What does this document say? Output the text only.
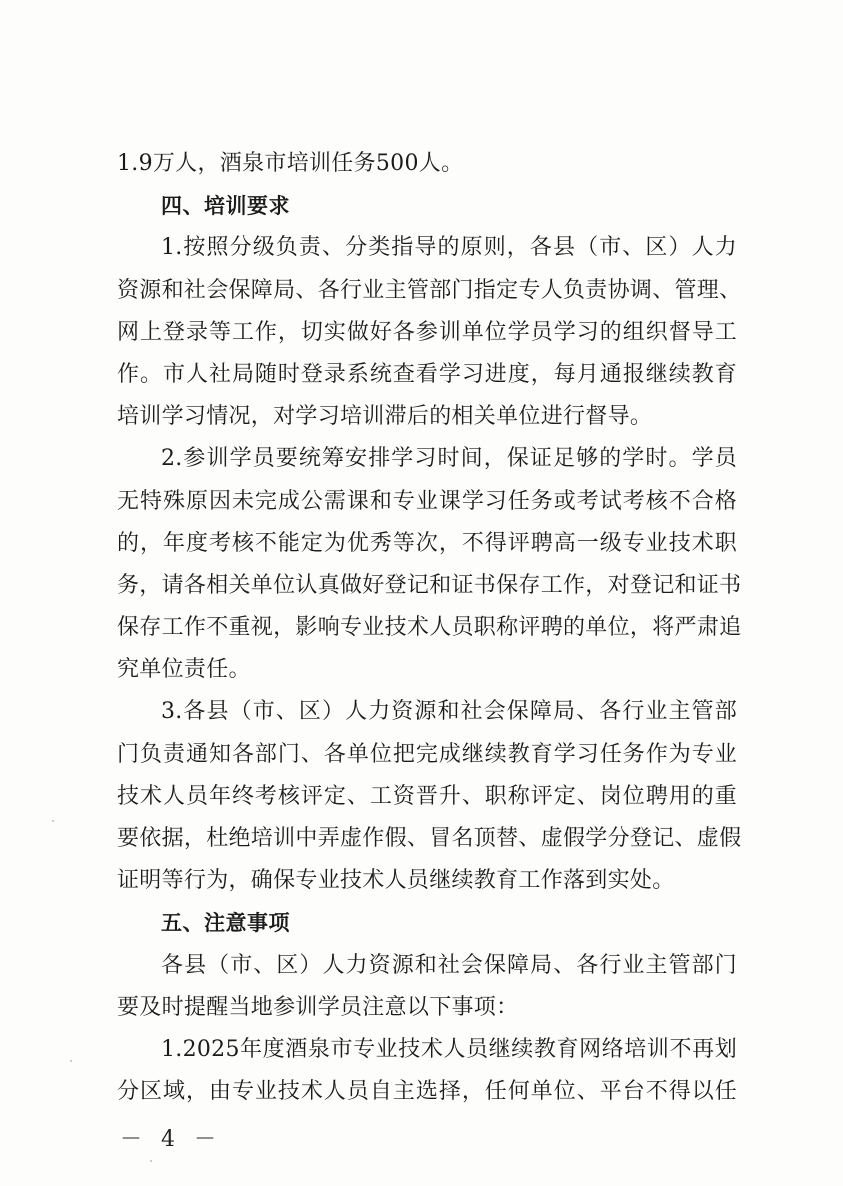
1.9万人，酒泉市培训任务500人。
四、培训要求
1.按照分级负责、分类指导的原则，各县（市、区）人力
资源和社会保障局、各行业主管部门指定专人负责协调、管理、
网上登录等工作，切实做好各参训单位学员学习的组织督导工
作。市人社局随时登录系统查看学习进度，每月通报继续教育
培训学习情况，对学习培训滞后的相关单位进行督导。
2.参训学员要统筹安排学习时间，保证足够的学时。学员
无特殊原因未完成公需课和专业课学习任务或考试考核不合格
的，年度考核不能定为优秀等次，不得评聘高一级专业技术职
务，请各相关单位认真做好登记和证书保存工作，对登记和证书
保存工作不重视，影响专业技术人员职称评聘的单位，将严肃追
究单位责任。
3.各县（市、区）人力资源和社会保障局、各行业主管部
门负责通知各部门、各单位把完成继续教育学习任务作为专业
技术人员年终考核评定、工资晋升、职称评定、岗位聘用的重
要依据，杜绝培训中弄虚作假、冒名顶替、虚假学分登记、虚假
证明等行为，确保专业技术人员继续教育工作落到实处。
五、注意事项
各县（市、区）人力资源和社会保障局、各行业主管部门
要及时提醒当地参训学员注意以下事项：
1.2025年度酒泉市专业技术人员继续教育网络培训不再划
分区域，由专业技术人员自主选择，任何单位、平台不得以任
－ 4 －
